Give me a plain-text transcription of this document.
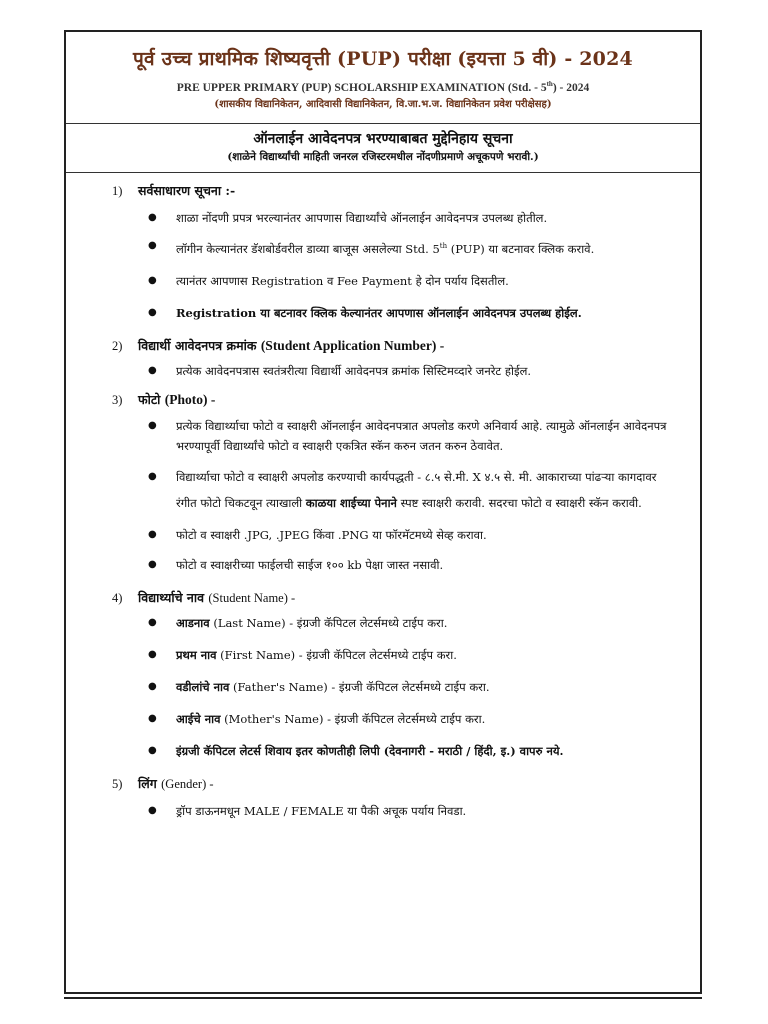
पूर्व उच्च प्राथमिक शिष्यवृत्ती (PUP) परीक्षा (इयत्ता 5 वी) - 2024
PRE UPPER PRIMARY (PUP) SCHOLARSHIP EXAMINATION (Std. - 5th) - 2024
(शासकीय विद्यानिकेतन, आदिवासी विद्यानिकेतन, वि.जा.भ.ज. विद्यानिकेतन प्रवेश परीक्षेसह)
ऑनलाईन आवेदनपत्र भरण्याबाबत मुद्देनिहाय सूचना
(शाळेने विद्यार्थ्यांची माहिती जनरल रजिस्टरमधील नोंदणीप्रमाणे अचूकपणे भरावी.)
1)	सर्वसाधारण सूचना :-
● शाळा नोंदणी प्रपत्र भरल्यानंतर आपणास विद्यार्थ्यांचे ऑनलाईन आवेदनपत्र उपलब्ध होतील.
● लॉगीन केल्यानंतर डॅशबोर्डवरील डाव्या बाजूस असलेल्या Std. 5th (PUP) या बटनावर क्लिक करावे.
● त्यानंतर आपणास Registration व Fee Payment हे दोन पर्याय दिसतील.
● Registration या बटनावर क्लिक केल्यानंतर आपणास ऑनलाईन आवेदनपत्र उपलब्ध होईल.
2)	विद्यार्थी आवेदनपत्र क्रमांक (Student Application Number) -
● प्रत्येक आवेदनपत्रास स्वतंत्ररीत्या विद्यार्थी आवेदनपत्र क्रमांक सिस्टिमव्दारे जनरेट होईल.
3)	फोटो (Photo) -
● प्रत्येक विद्यार्थ्याचा फोटो व स्वाक्षरी ऑनलाईन आवेदनपत्रात अपलोड करणे अनिवार्य आहे. त्यामुळे ऑनलाईन आवेदनपत्र भरण्यापूर्वी विद्यार्थ्यांचे फोटो व स्वाक्षरी एकत्रित स्कॅन करुन जतन करुन ठेवावेत.
● विद्यार्थ्याचा फोटो व स्वाक्षरी अपलोड करण्याची कार्यपद्धती - ८.५ से.मी. X ४.५ से. मी. आकाराच्या पांढऱ्या कागदावर रंगीत फोटो चिकटवून त्याखाली काळया शाईच्या पेनाने स्पष्ट स्वाक्षरी करावी. सदरचा फोटो व स्वाक्षरी स्कॅन करावी.
● फोटो व स्वाक्षरी .JPG, .JPEG किंवा .PNG या फॉरमॅटमध्ये सेव्ह करावा.
● फोटो व स्वाक्षरीच्या फाईलची साईज १०० kb पेक्षा जास्त नसावी.
4)	विद्यार्थ्याचे नाव (Student Name) -
● आडनाव (Last Name) - इंग्रजी कॅपिटल लेटर्समध्ये टाईप करा.
● प्रथम नाव (First Name) - इंग्रजी कॅपिटल लेटर्समध्ये टाईप करा.
● वडीलांचे नाव (Father's Name) - इंग्रजी कॅपिटल लेटर्समध्ये टाईप करा.
● आईचे नाव (Mother's Name) - इंग्रजी कॅपिटल लेटर्समध्ये टाईप करा.
● इंग्रजी कॅपिटल लेटर्स शिवाय इतर कोणतीही लिपी (देवनागरी - मराठी / हिंदी, इ.) वापरु नये.
5)	लिंग (Gender) -
● ड्रॉप डाऊनमधून MALE / FEMALE या पैकी अचूक पर्याय निवडा.
